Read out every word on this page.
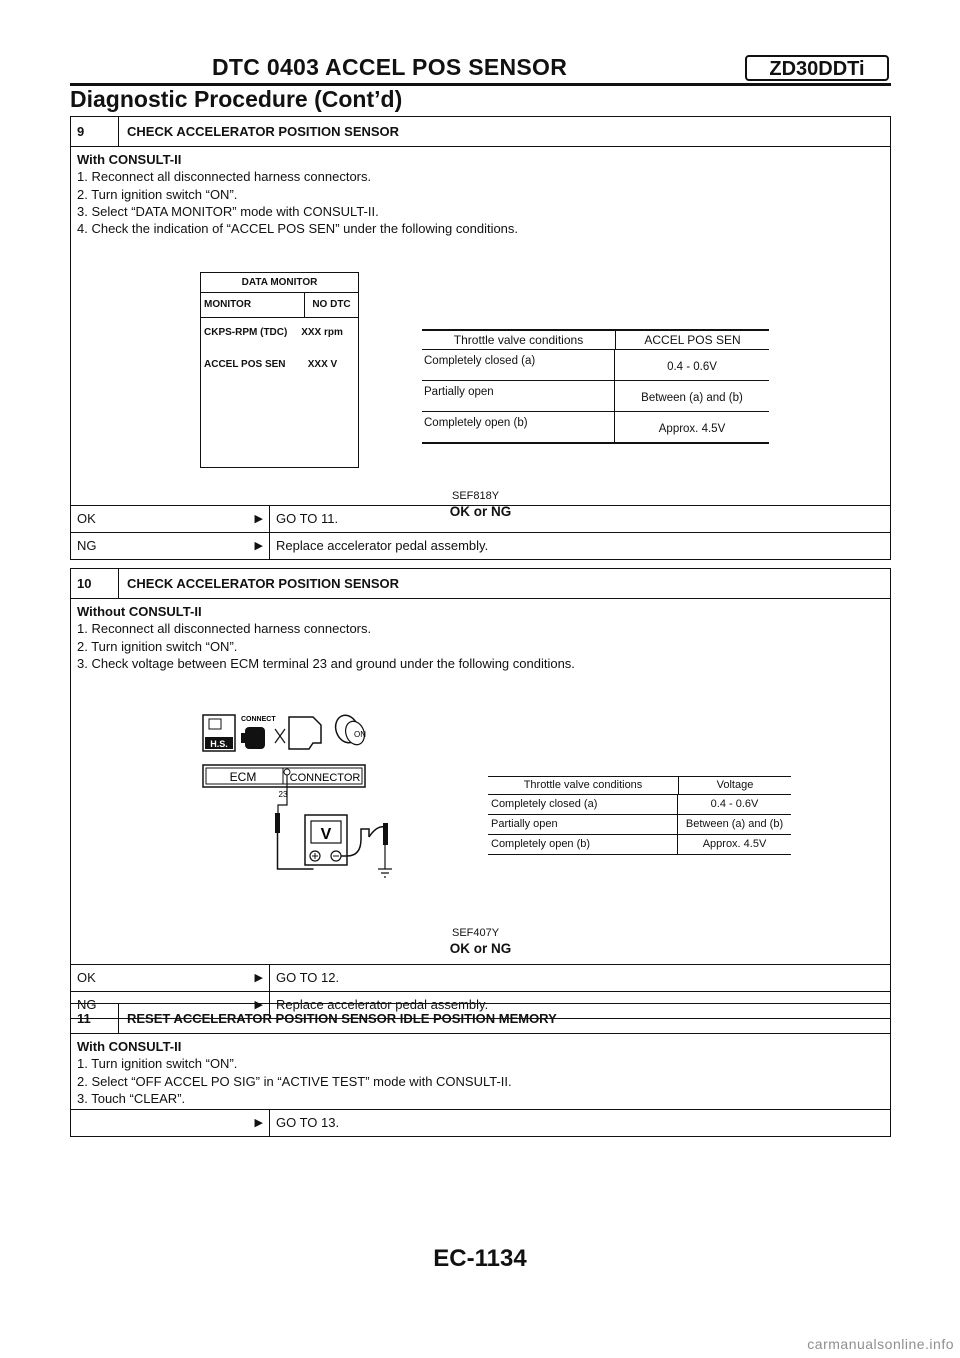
DTC 0403 ACCEL POS SENSOR	ZD30DDTi
Diagnostic Procedure (Cont’d)
9	CHECK ACCELERATOR POSITION SENSOR
With CONSULT-II
1. Reconnect all disconnected harness connectors.
2. Turn ignition switch “ON”.
3. Select “DATA MONITOR” mode with CONSULT-II.
4. Check the indication of “ACCEL POS SEN” under the following conditions.
DATA MONITOR
MONITOR	NO DTC
CKPS-RPM (TDC)     XXX rpm
ACCEL POS SEN        XXX V
Throttle valve conditions	ACCEL POS SEN
Completely closed (a)	0.4 - 0.6V
Partially open	Between (a) and (b)
Completely open (b)	Approx. 4.5V
SEF818Y
OK or NG
OK	▶	GO TO 11.
NG	▶	Replace accelerator pedal assembly.
10	CHECK ACCELERATOR POSITION SENSOR
Without CONSULT-II
1. Reconnect all disconnected harness connectors.
2. Turn ignition switch “ON”.
3. Check voltage between ECM terminal 23 and ground under the following conditions.
H.S.
CONNECT
ON
ECM	CONNECTOR
23
V
Throttle valve conditions	Voltage
Completely closed (a)	0.4 - 0.6V
Partially open	Between (a) and (b)
Completely open (b)	Approx. 4.5V
SEF407Y
OK or NG
OK	▶	GO TO 12.
NG	▶	Replace accelerator pedal assembly.
11	RESET ACCELERATOR POSITION SENSOR IDLE POSITION MEMORY
With CONSULT-II
1. Turn ignition switch “ON”.
2. Select “OFF ACCEL PO SIG” in “ACTIVE TEST” mode with CONSULT-II.
3. Touch “CLEAR”.
▶	GO TO 13.
EC-1134
carmanualsonline.info
